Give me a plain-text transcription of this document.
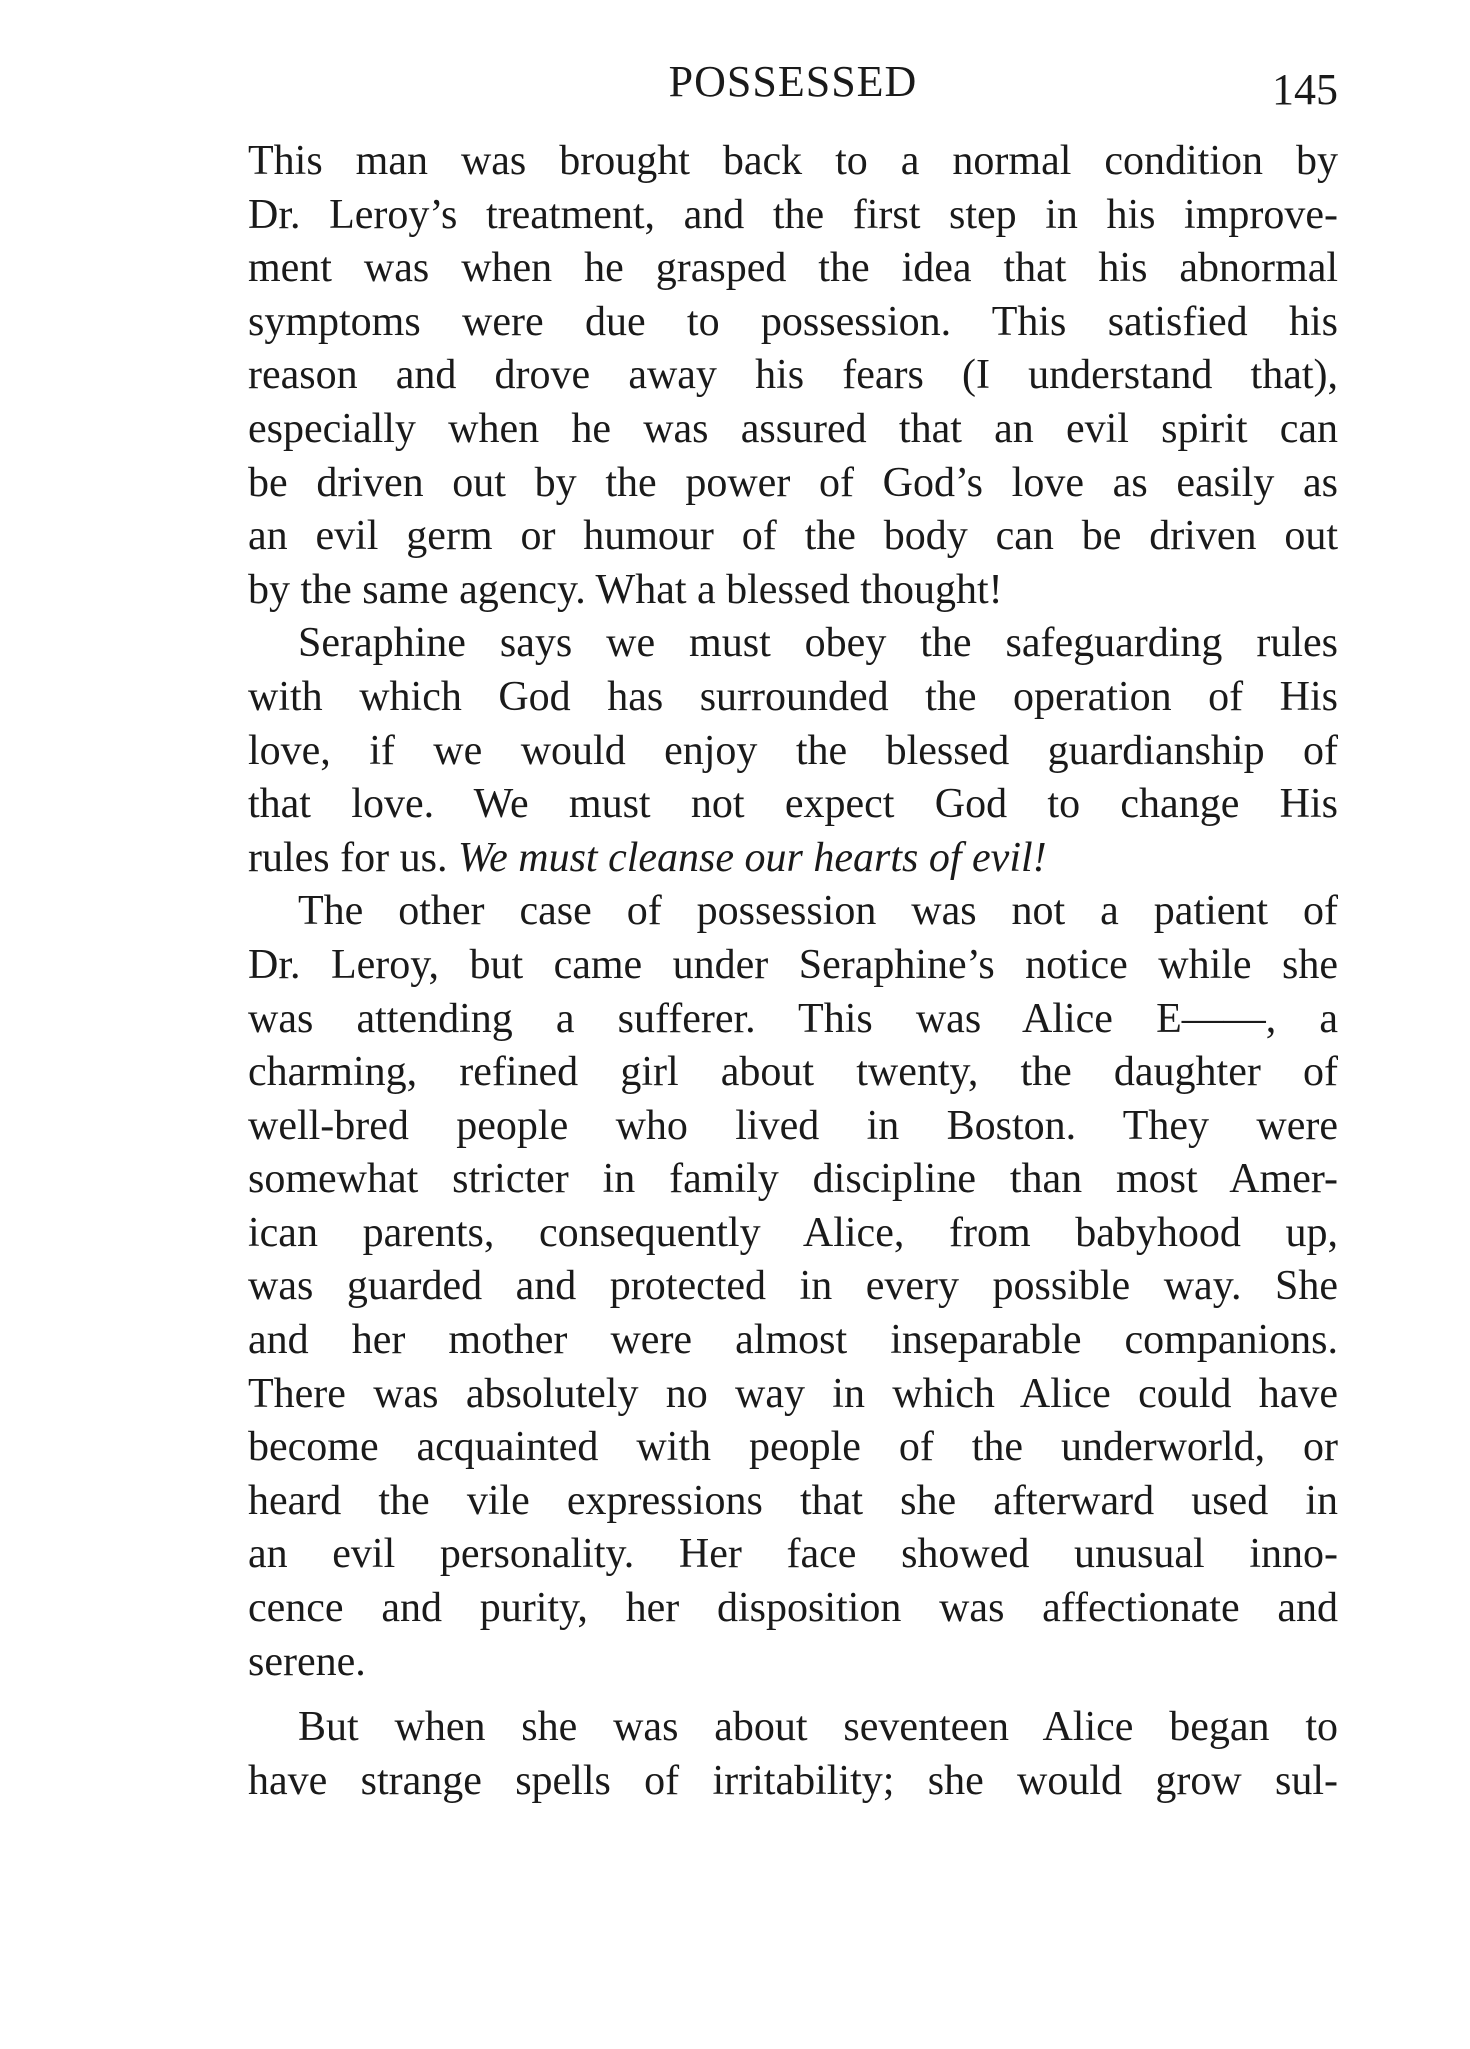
POSSESSED	145
This man was brought back to a normal condition by
Dr. Leroy’s treatment, and the first step in his improve-
ment was when he grasped the idea that his abnormal
symptoms were due to possession. This satisfied his
reason and drove away his fears (I understand that),
especially when he was assured that an evil spirit can
be driven out by the power of God’s love as easily as
an evil germ or humour of the body can be driven out
by the same agency. What a blessed thought!
Seraphine says we must obey the safeguarding rules
with which God has surrounded the operation of His
love, if we would enjoy the blessed guardianship of
that love. We must not expect God to change His
rules for us. We must cleanse our hearts of evil!
The other case of possession was not a patient of
Dr. Leroy, but came under Seraphine’s notice while she
was attending a sufferer. This was Alice E——, a
charming, refined girl about twenty, the daughter of
well-bred people who lived in Boston. They were
somewhat stricter in family discipline than most Amer-
ican parents, consequently Alice, from babyhood up,
was guarded and protected in every possible way. She
and her mother were almost inseparable companions.
There was absolutely no way in which Alice could have
become acquainted with people of the underworld, or
heard the vile expressions that she afterward used in
an evil personality. Her face showed unusual inno-
cence and purity, her disposition was affectionate and
serene.
But when she was about seventeen Alice began to
have strange spells of irritability; she would grow sul-
